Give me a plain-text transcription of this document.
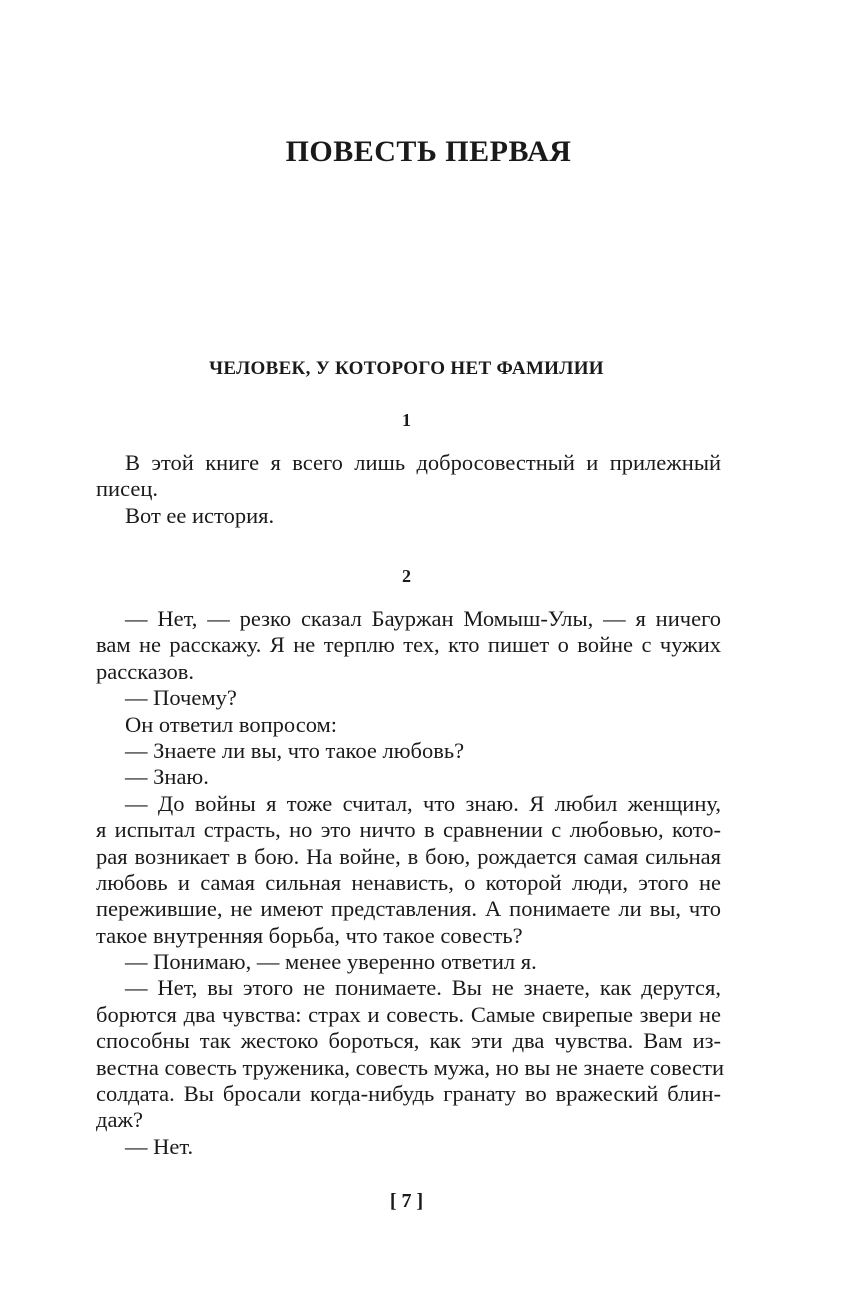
ПОВЕСТЬ ПЕРВАЯ
ЧЕЛОВЕК, У КОТОРОГО НЕТ ФАМИЛИИ
1
В этой книге я всего лишь добросовестный и прилежный
писец.
Вот ее история.
2
— Нет, — резко сказал Бауржан Момыш-Улы, — я ничего
вам не расскажу. Я не терплю тех, кто пишет о войне с чужих
рассказов.
— Почему?
Он ответил вопросом:
— Знаете ли вы, что такое любовь?
— Знаю.
— До войны я тоже считал, что знаю. Я любил женщину,
я испытал страсть, но это ничто в сравнении с любовью, кото-
рая возникает в бою. На войне, в бою, рождается самая сильная
любовь и самая сильная ненависть, о которой люди, этого не
пережившие, не имеют представления. А понимаете ли вы, что
такое внутренняя борьба, что такое совесть?
— Понимаю, — менее уверенно ответил я.
— Нет, вы этого не понимаете. Вы не знаете, как дерутся,
борются два чувства: страх и совесть. Самые свирепые звери не
способны так жестоко бороться, как эти два чувства. Вам из-
вестна совесть труженика, совесть мужа, но вы не знаете совести
солдата. Вы бросали когда-нибудь гранату во вражеский блин-
даж?
— Нет.
[ 7 ]
